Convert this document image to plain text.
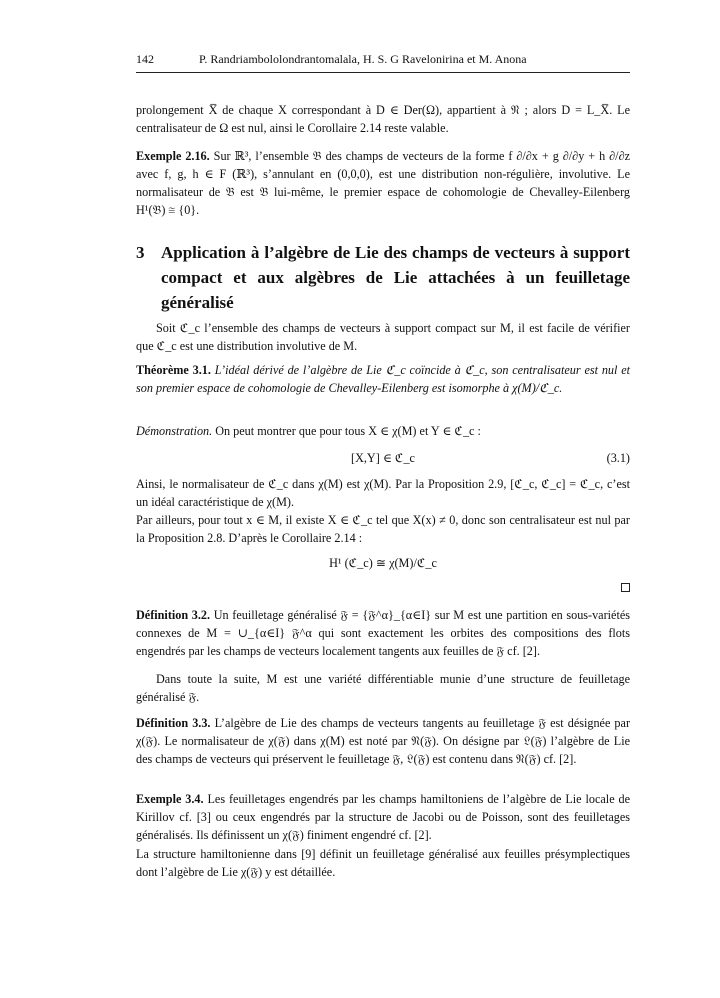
142	P. Randriambololondrantomalala, H. S. G Ravelonirina et M. Anona
prolongement X̅ de chaque X correspondant à D ∈ Der(Ω), appartient à 𝔑 ; alors D = L_X̅. Le centralisateur de Ω est nul, ainsi le Corollaire 2.14 reste valable.
Exemple 2.16. Sur ℝ³, l’ensemble 𝔅 des champs de vecteurs de la forme f ∂/∂x + g ∂/∂y + h ∂/∂z avec f, g, h ∈ F (ℝ³), s’annulant en (0,0,0), est une distribution non-régulière, involutive. Le normalisateur de 𝔅 est 𝔅 lui-même, le premier espace de cohomologie de Chevalley-Eilenberg H¹(𝔅) ≅ {0}.
3 Application à l’algèbre de Lie des champs de vecteurs à support compact et aux algèbres de Lie attachées à un feuilletage généralisé
Soit ℭ_c l’ensemble des champs de vecteurs à support compact sur M, il est facile de vérifier que ℭ_c est une distribution involutive de M.
Théorème 3.1. L’idéal dérivé de l’algèbre de Lie ℭ_c coïncide à ℭ_c, son centralisateur est nul et son premier espace de cohomologie de Chevalley-Eilenberg est isomorphe à χ(M)/ℭ_c.
Démonstration. On peut montrer que pour tous X ∈ χ(M) et Y ∈ ℭ_c :
[X,Y] ∈ ℭ_c	(3.1)
Ainsi, le normalisateur de ℭ_c dans χ(M) est χ(M). Par la Proposition 2.9, [ℭ_c, ℭ_c] = ℭ_c, c’est un idéal caractéristique de χ(M).
Par ailleurs, pour tout x ∈ M, il existe X ∈ ℭ_c tel que X(x) ≠ 0, donc son centralisateur est nul par la Proposition 2.8. D’après le Corollaire 2.14 :
H¹ (ℭ_c) ≅ χ(M)/ℭ_c
Définition 3.2. Un feuilletage généralisé 𝔉 = {𝔉^α}_{α∈I} sur M est une partition en sous-variétés connexes de M = ∪_{α∈I} 𝔉^α qui sont exactement les orbites des compositions des flots engendrés par les champs de vecteurs localement tangents aux feuilles de 𝔉 cf. [2].
Dans toute la suite, M est une variété différentiable munie d’une structure de feuilletage généralisé 𝔉.
Définition 3.3. L’algèbre de Lie des champs de vecteurs tangents au feuilletage 𝔉 est désignée par χ(𝔉). Le normalisateur de χ(𝔉) dans χ(M) est noté par 𝔑(𝔉). On désigne par 𝔏(𝔉) l’algèbre de Lie des champs de vecteurs qui préservent le feuilletage 𝔉, 𝔏(𝔉) est contenu dans 𝔑(𝔉) cf. [2].
Exemple 3.4. Les feuilletages engendrés par les champs hamiltoniens de l’algèbre de Lie locale de Kirillov cf. [3] ou ceux engendrés par la structure de Jacobi ou de Poisson, sont des feuilletages généralisés. Ils définissent un χ(𝔉) finiment engendré cf. [2].
La structure hamiltonienne dans [9] définit un feuilletage généralisé aux feuilles présymplectiques dont l’algèbre de Lie χ(𝔉) y est détaillée.
